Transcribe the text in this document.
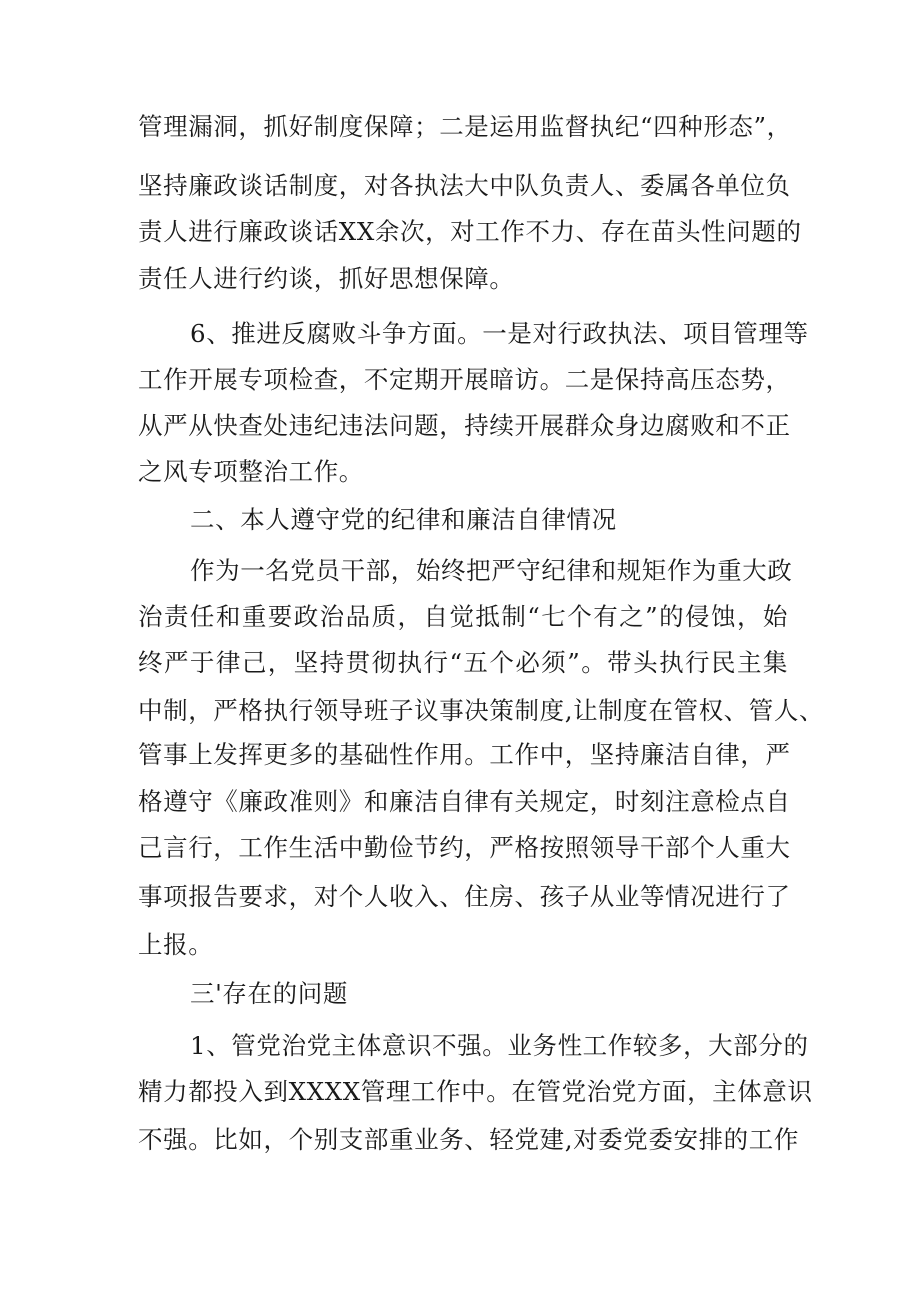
管理漏洞，抓好制度保障；二是运用监督执纪“四种形态”，
坚持廉政谈话制度，对各执法大中队负责人、委属各单位负
责人进行廉政谈话XX余次，对工作不力、存在苗头性问题的
责任人进行约谈，抓好思想保障。
6、推进反腐败斗争方面。一是对行政执法、项目管理等
工作开展专项检查，不定期开展暗访。二是保持高压态势，
从严从快查处违纪违法问题，持续开展群众身边腐败和不正
之风专项整治工作。
二、本人遵守党的纪律和廉洁自律情况
作为一名党员干部，始终把严守纪律和规矩作为重大政
治责任和重要政治品质，自觉抵制“七个有之”的侵蚀，始
终严于律己，坚持贯彻执行“五个必须”。带头执行民主集
中制，严格执行领导班子议事决策制度,让制度在管权、管人、
管事上发挥更多的基础性作用。工作中，坚持廉洁自律，严
格遵守《廉政准则》和廉洁自律有关规定，时刻注意检点自
己言行，工作生活中勤俭节约，严格按照领导干部个人重大
事项报告要求，对个人收入、住房、孩子从业等情况进行了
上报。
三'存在的问题
1、管党治党主体意识不强。业务性工作较多，大部分的
精力都投入到XXXX管理工作中。在管党治党方面，主体意识
不强。比如，个别支部重业务、轻党建,对委党委安排的工作
